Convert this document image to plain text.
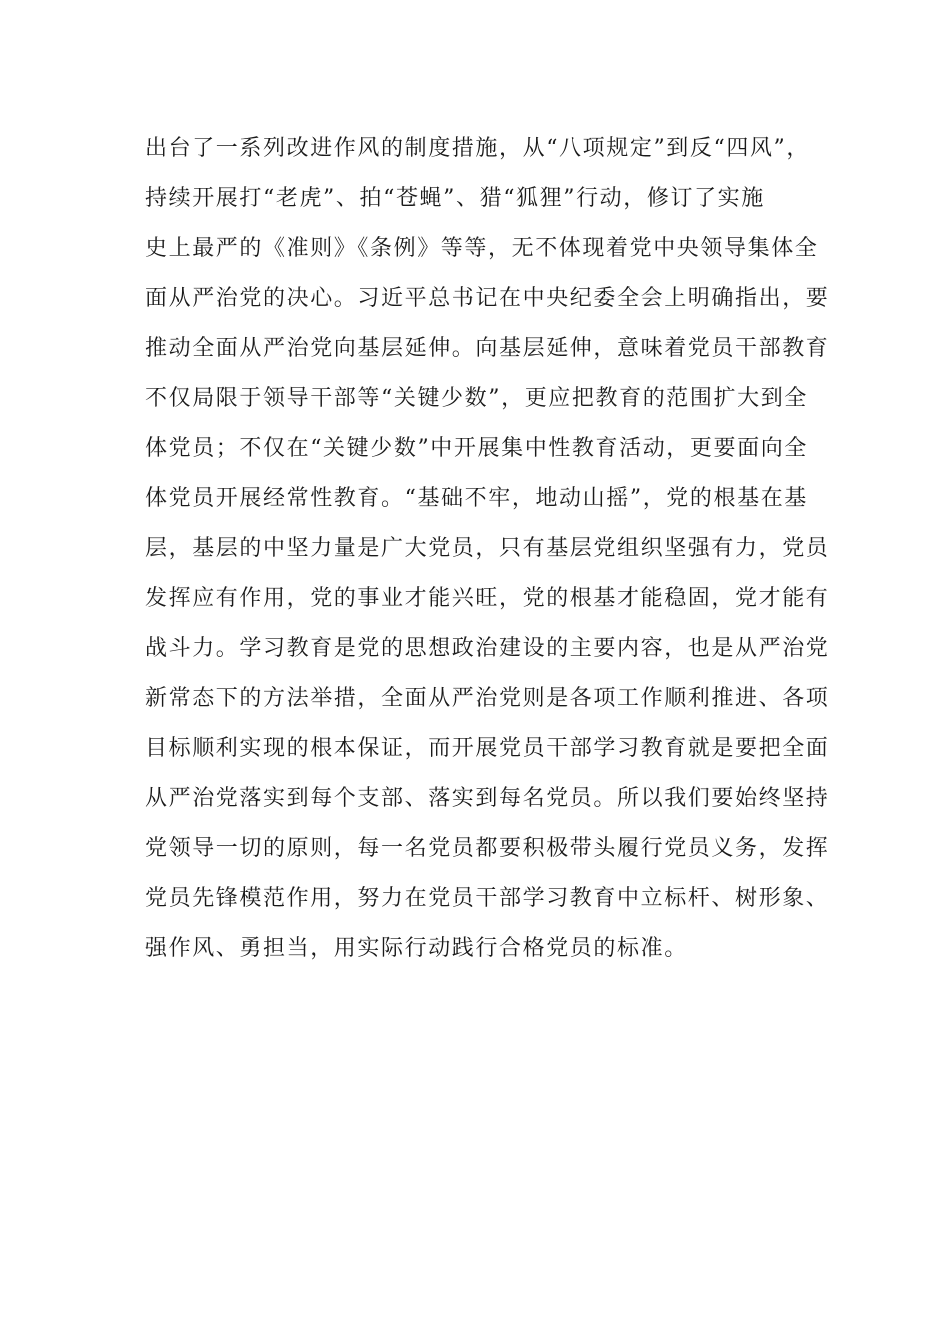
出台了一系列改进作风的制度措施，从“八项规定”到反“四风”，
持续开展打“老虎”、拍“苍蝇”、猎“狐狸”行动，修订了实施
史上最严的《准则》《条例》等等，无不体现着党中央领导集体全
面从严治党的决心。习近平总书记在中央纪委全会上明确指出，要
推动全面从严治党向基层延伸。向基层延伸，意味着党员干部教育
不仅局限于领导干部等“关键少数”，更应把教育的范围扩大到全
体党员；不仅在“关键少数”中开展集中性教育活动，更要面向全
体党员开展经常性教育。“基础不牢，地动山摇”，党的根基在基
层，基层的中坚力量是广大党员，只有基层党组织坚强有力，党员
发挥应有作用，党的事业才能兴旺，党的根基才能稳固，党才能有
战斗力。学习教育是党的思想政治建设的主要内容，也是从严治党
新常态下的方法举措，全面从严治党则是各项工作顺利推进、各项
目标顺利实现的根本保证，而开展党员干部学习教育就是要把全面
从严治党落实到每个支部、落实到每名党员。所以我们要始终坚持
党领导一切的原则，每一名党员都要积极带头履行党员义务，发挥
党员先锋模范作用，努力在党员干部学习教育中立标杆、树形象、
强作风、勇担当，用实际行动践行合格党员的标准。
